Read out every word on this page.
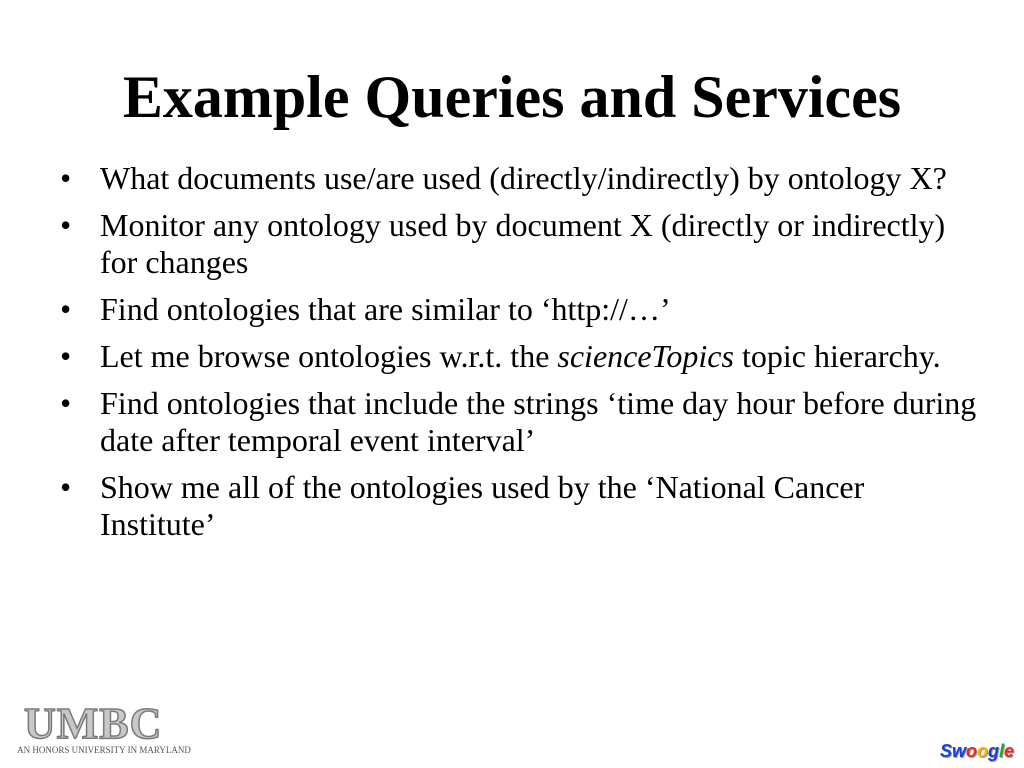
Example Queries and Services
• What documents use/are used (directly/indirectly) by ontology X?
• Monitor any ontology used by document X (directly or indirectly) for changes
• Find ontologies that are similar to ‘http://…’
• Let me browse ontologies w.r.t. the scienceTopics topic hierarchy.
• Find ontologies that include the strings ‘time day hour before during date after temporal event interval’
• Show me all of the ontologies used by the ‘National Cancer Institute’
UMBC
AN HONORS UNIVERSITY IN MARYLAND	Swoogle
